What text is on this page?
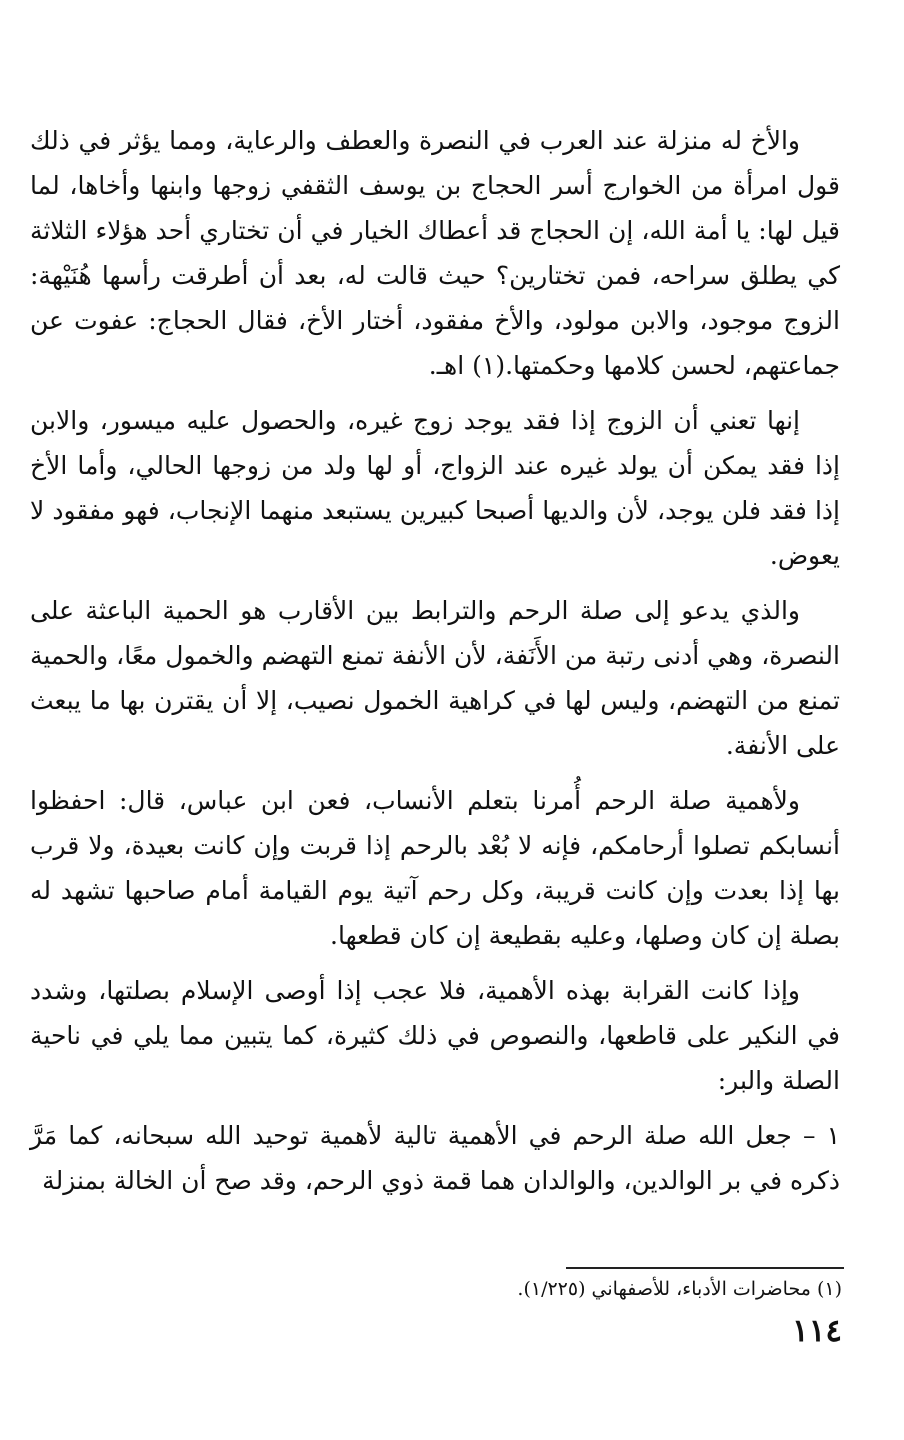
والأخ له منزلة عند العرب في النصرة والعطف والرعاية، ومما يؤثر في ذلك قول امرأة من الخوارج أسر الحجاج بن يوسف الثقفي زوجها وابنها وأخاها، لما قيل لها: يا أمة الله، إن الحجاج قد أعطاك الخيار في أن تختاري أحد هؤلاء الثلاثة كي يطلق سراحه، فمن تختارين؟ حيث قالت له، بعد أن أطرقت رأسها هُنَيْهة: الزوج موجود، والابن مولود، والأخ مفقود، أختار الأخ، فقال الحجاج: عفوت عن جماعتهم، لحسن كلامها وحكمتها.(١) اهـ.

إنها تعني أن الزوج إذا فقد يوجد زوج غيره، والحصول عليه ميسور، والابن إذا فقد يمكن أن يولد غيره عند الزواج، أو لها ولد من زوجها الحالي، وأما الأخ إذا فقد فلن يوجد، لأن والديها أصبحا كبيرين يستبعد منهما الإنجاب، فهو مفقود لا يعوض.

والذي يدعو إلى صلة الرحم والترابط بين الأقارب هو الحمية الباعثة على النصرة، وهي أدنى رتبة من الأَنَفة، لأن الأنفة تمنع التهضم والخمول معًا، والحمية تمنع من التهضم، وليس لها في كراهية الخمول نصيب، إلا أن يقترن بها ما يبعث على الأنفة.

ولأهمية صلة الرحم أُمرنا بتعلم الأنساب، فعن ابن عباس، قال: احفظوا أنسابكم تصلوا أرحامكم، فإنه لا بُعْد بالرحم إذا قربت وإن كانت بعيدة، ولا قرب بها إذا بعدت وإن كانت قريبة، وكل رحم آتية يوم القيامة أمام صاحبها تشهد له بصلة إن كان وصلها، وعليه بقطيعة إن كان قطعها.

وإذا كانت القرابة بهذه الأهمية، فلا عجب إذا أوصى الإسلام بصلتها، وشدد في النكير على قاطعها، والنصوص في ذلك كثيرة، كما يتبين مما يلي في ناحية الصلة والبر:

١ – جعل الله صلة الرحم في الأهمية تالية لأهمية توحيد الله سبحانه، كما مَرَّ ذكره في بر الوالدين، والوالدان هما قمة ذوي الرحم، وقد صح أن الخالة بمنزلة

(١) محاضرات الأدباء، للأصفهاني (١/٢٢٥).
١١٤
